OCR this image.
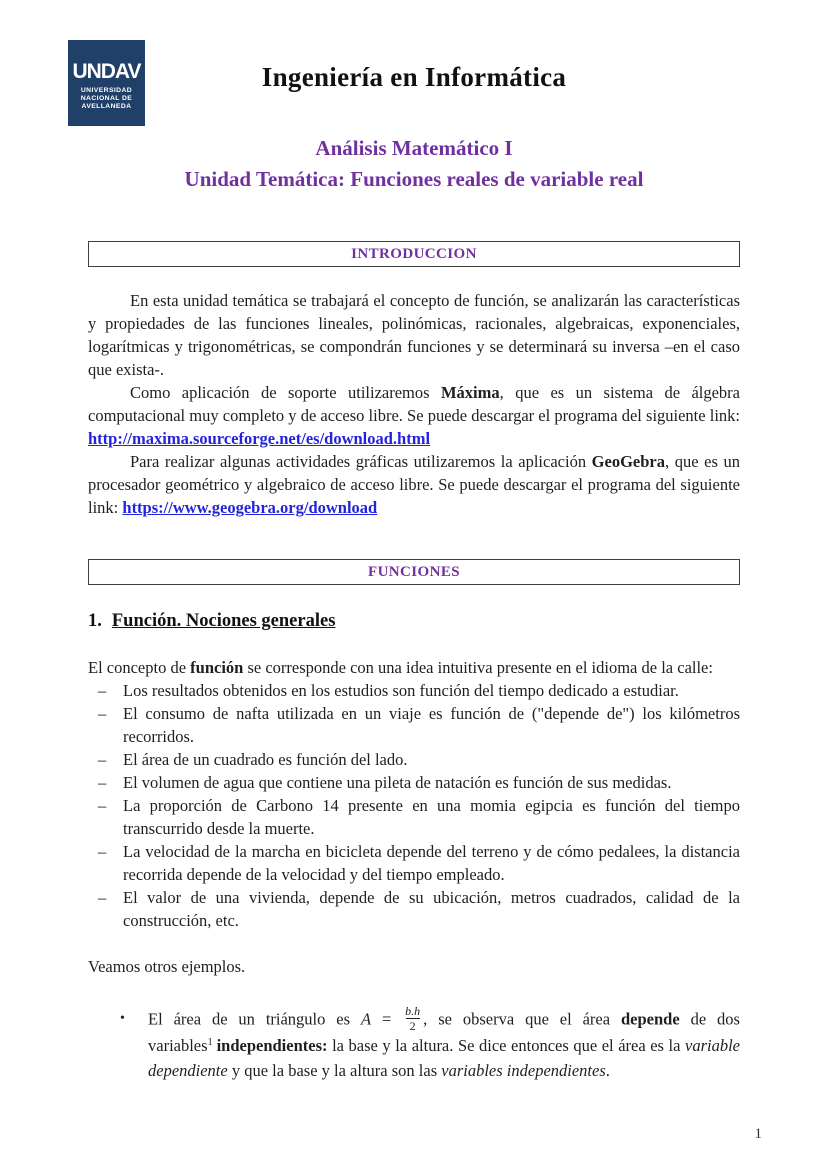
UNDAV
UNIVERSIDAD
NACIONAL DE
AVELLANEDA
Ingeniería en Informática
Análisis Matemático I
Unidad Temática: Funciones reales de variable real
INTRODUCCION

En esta unidad temática se trabajará el concepto de función, se analizarán las características y propiedades de las funciones lineales, polinómicas, racionales, algebraicas, exponenciales, logarítmicas y trigonométricas, se compondrán funciones y se determinará su inversa –en el caso que exista-.

Como aplicación de soporte utilizaremos Máxima, que es un sistema de álgebra computacional muy completo y de acceso libre. Se puede descargar el programa del siguiente link: http://maxima.sourceforge.net/es/download.html

Para realizar algunas actividades gráficas utilizaremos la aplicación GeoGebra, que es un procesador geométrico y algebraico de acceso libre. Se puede descargar el programa del siguiente link: https://www.geogebra.org/download

FUNCIONES
1. Función. Nociones generales

El concepto de función se corresponde con una idea intuitiva presente en el idioma de la calle:

–	Los resultados obtenidos en los estudios son función del tiempo dedicado a estudiar.
–	El consumo de nafta utilizada en un viaje es función de ("depende de") los kilómetros recorridos.
–	El área de un cuadrado es función del lado.
–	El volumen de agua que contiene una pileta de natación es función de sus medidas.
–	La proporción de Carbono 14 presente en una momia egipcia es función del tiempo transcurrido desde la muerte.
–	La velocidad de la marcha en bicicleta depende del terreno y de cómo pedalees, la distancia recorrida depende de la velocidad y del tiempo empleado.
–	El valor de una vivienda, depende de su ubicación, metros cuadrados, calidad de la construcción, etc.

Veamos otros ejemplos.

•	El área de un triángulo es $A = \frac{b.h}{2}$ , se observa que el área depende de dos variables$^1$ independientes: la base y la altura. Se dice entonces que el área es la variable dependiente y que la base y la altura son las variables independientes.
1
